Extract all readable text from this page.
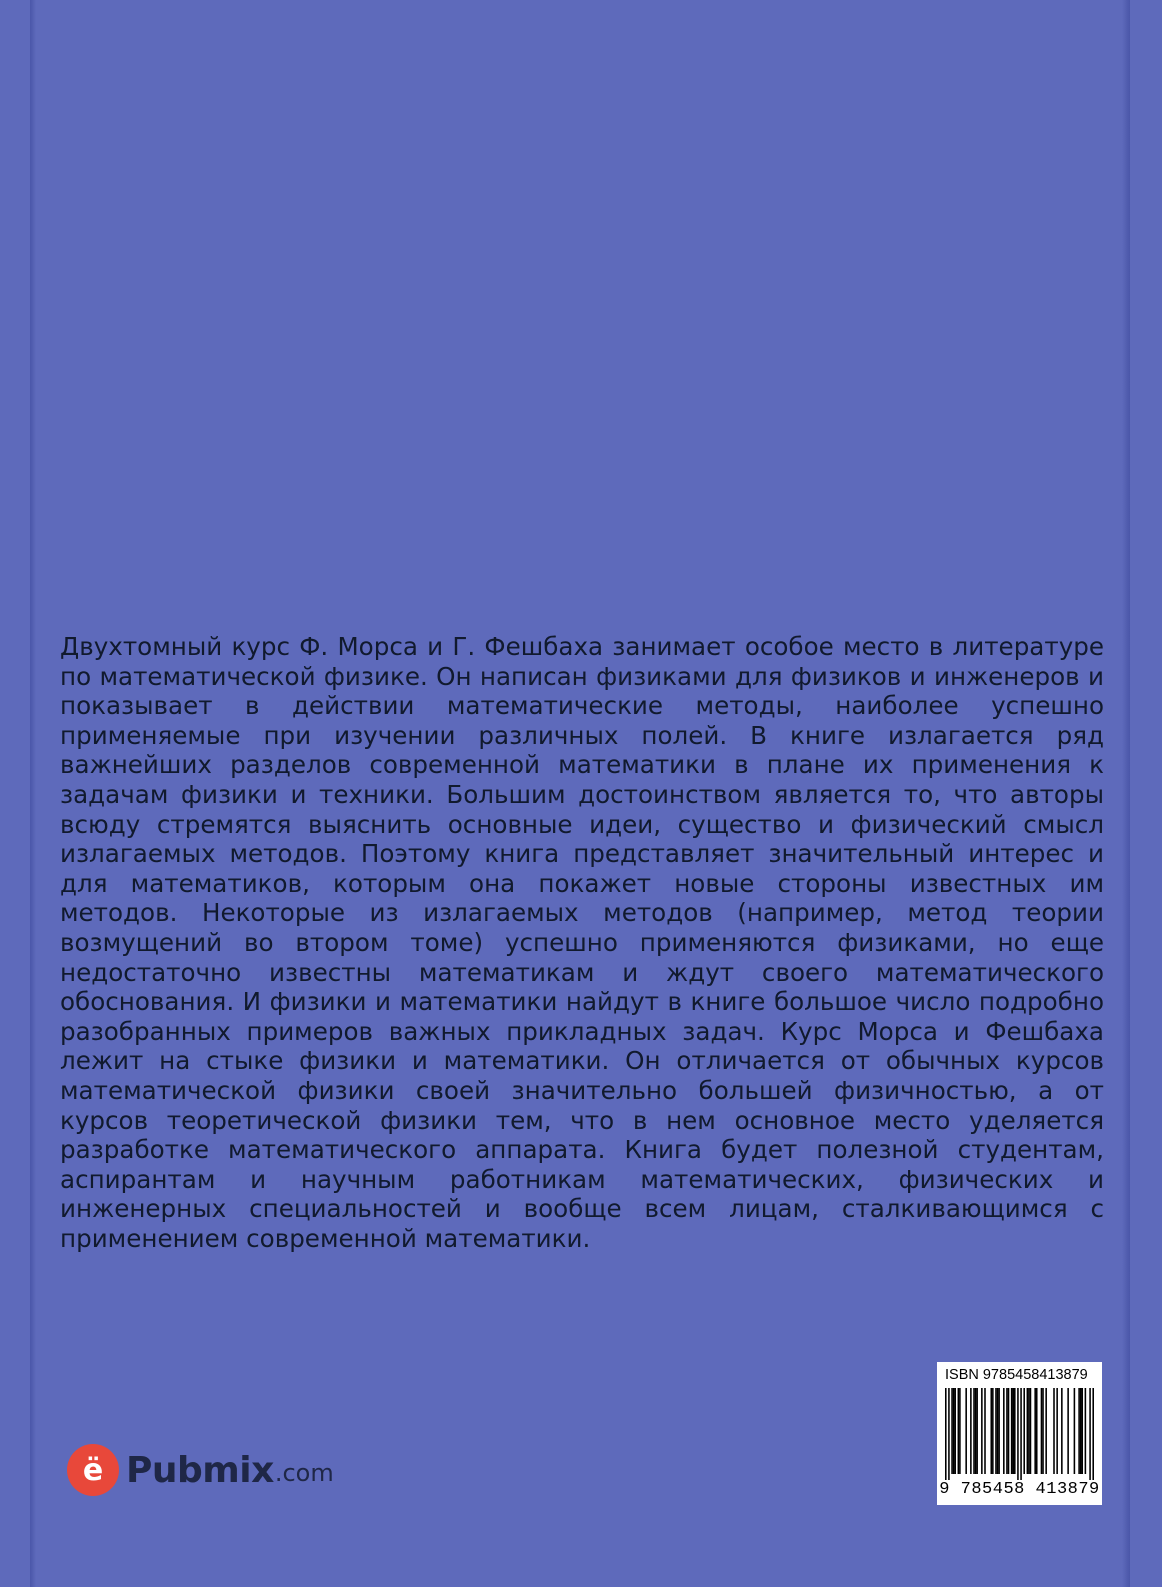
Двухтомный курс Ф. Морса и Г. Фешбаха занимает особое место в литературе по математической физике. Он написан физиками для физиков и инженеров и показывает в действии математические методы, наиболее успешно применяемые при изучении различных полей. В книге излагается ряд важнейших разделов современной математики в плане их применения к задачам физики и техники. Большим достоинством является то, что авторы всюду стремятся выяснить основные идеи, существо и физический смысл излагаемых методов. Поэтому книга представляет значительный интерес и для математиков, которым она покажет новые стороны известных им методов. Некоторые из излагаемых методов (например, метод теории возмущений во втором томе) успешно применяются физиками, но еще недостаточно известны математикам и ждут своего математического обоснования. И физики и математики найдут в книге большое число подробно разобранных примеров важных прикладных задач. Курс Морса и Фешбаха лежит на стыке физики и математики. Он отличается от обычных курсов математической физики своей значительно большей физичностью, а от курсов теоретической физики тем, что в нем основное место уделяется разработке математического аппарата. Книга будет полезной студентам, аспирантам и научным работникам математических, физических и инженерных специальностей и вообще всем лицам, сталкивающимся с применением современной математики.

ё Pubmix .com
ISBN 9785458413879
9 785458 413879
